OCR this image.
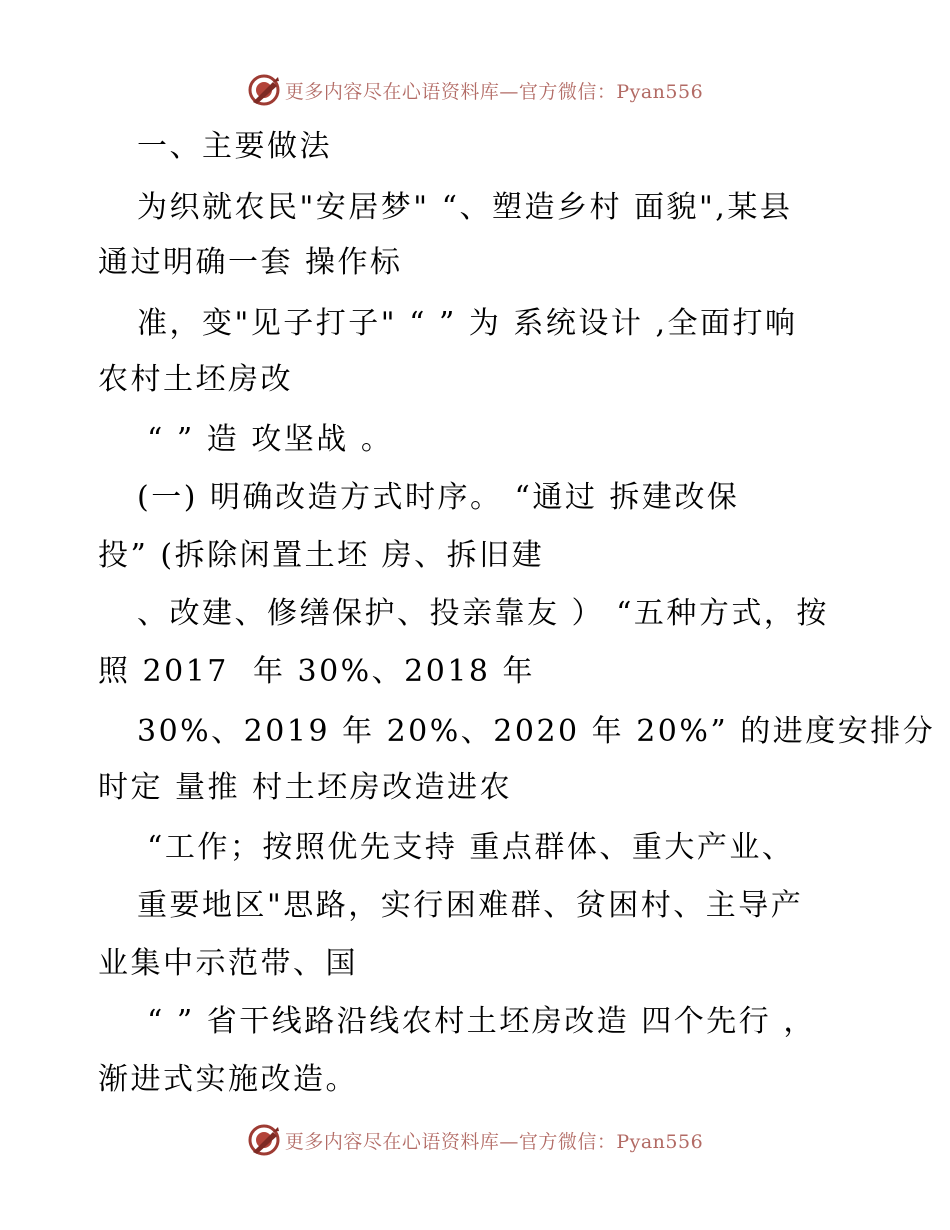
更多内容尽在心语资料库—官方微信：Pyan556
一、主要做法
为织就农民"安居梦" “、塑造乡村 面貌",某县
通过明确一套 操作标
准，变"见子打子" “ ” 为 系统设计 ,全面打响
农村土坯房改
“ ” 造 攻坚战 。
(一) 明确改造方式时序。 “通过 拆建改保
投” (拆除闲置土坯 房、拆旧建
、改建、修缮保护、投亲靠友 ） “五种方式，按
照 2017  年 30%、2018 年
30%、2019 年 20%、2020 年 20%” 的进度安排分
时定 量推 村土坯房改造进农
“工作；按照优先支持 重点群体、重大产业、
重要地区"思路，实行困难群、贫困村、主导产
业集中示范带、国
“ ” 省干线路沿线农村土坯房改造 四个先行 ，
渐进式实施改造。
更多内容尽在心语资料库—官方微信：Pyan556
